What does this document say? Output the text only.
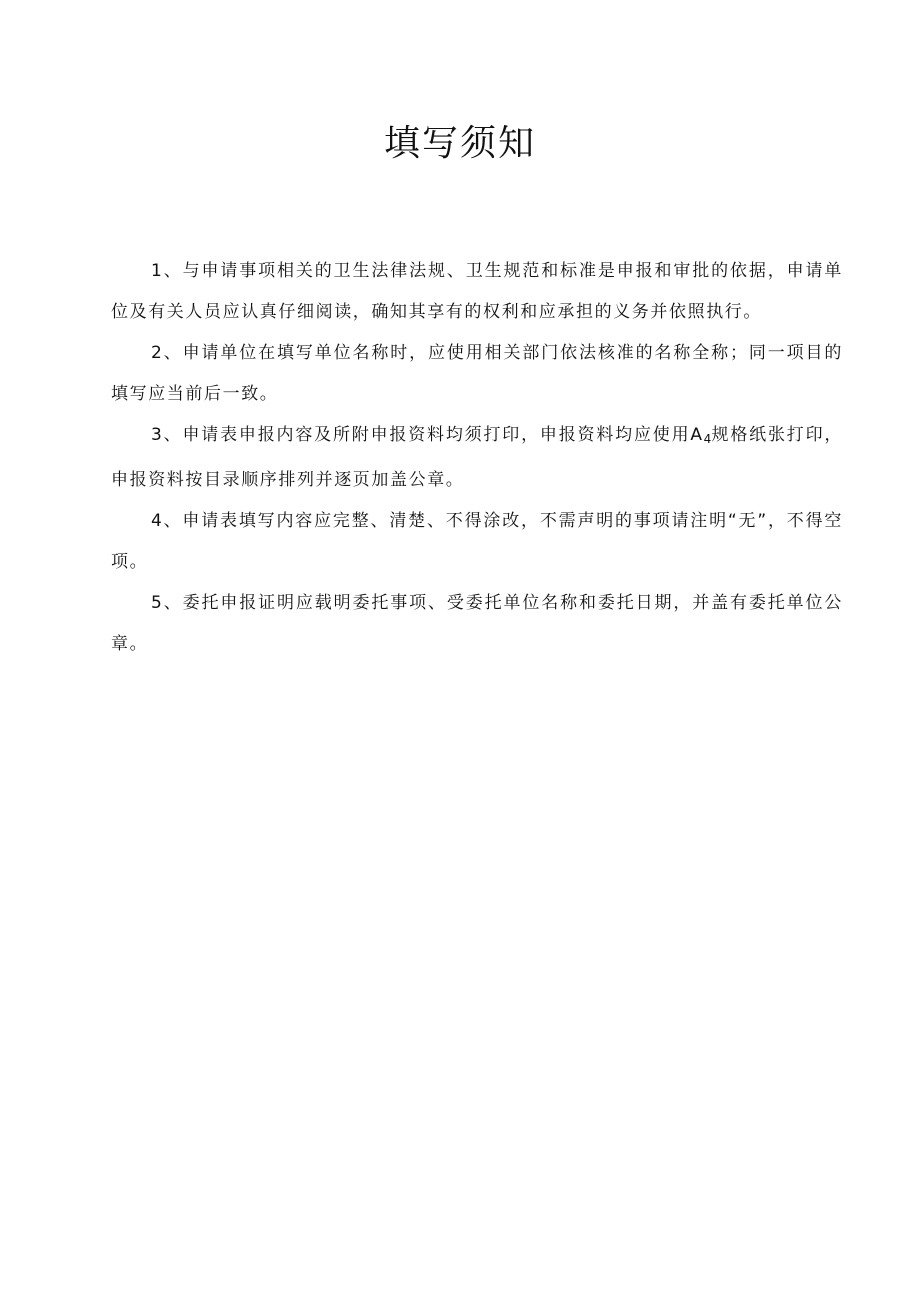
填写须知

1、与申请事项相关的卫生法律法规、卫生规范和标准是申报和审批的依据，申请单位及有关人员应认真仔细阅读，确知其享有的权利和应承担的义务并依照执行。

2、申请单位在填写单位名称时，应使用相关部门依法核准的名称全称；同一项目的填写应当前后一致。

3、申请表申报内容及所附申报资料均须打印，申报资料均应使用$A_4$规格纸张打印，申报资料按目录顺序排列并逐页加盖公章。

4、申请表填写内容应完整、清楚、不得涂改，不需声明的事项请注明“无”，不得空项。

5、委托申报证明应载明委托事项、受委托单位名称和委托日期，并盖有委托单位公章。
